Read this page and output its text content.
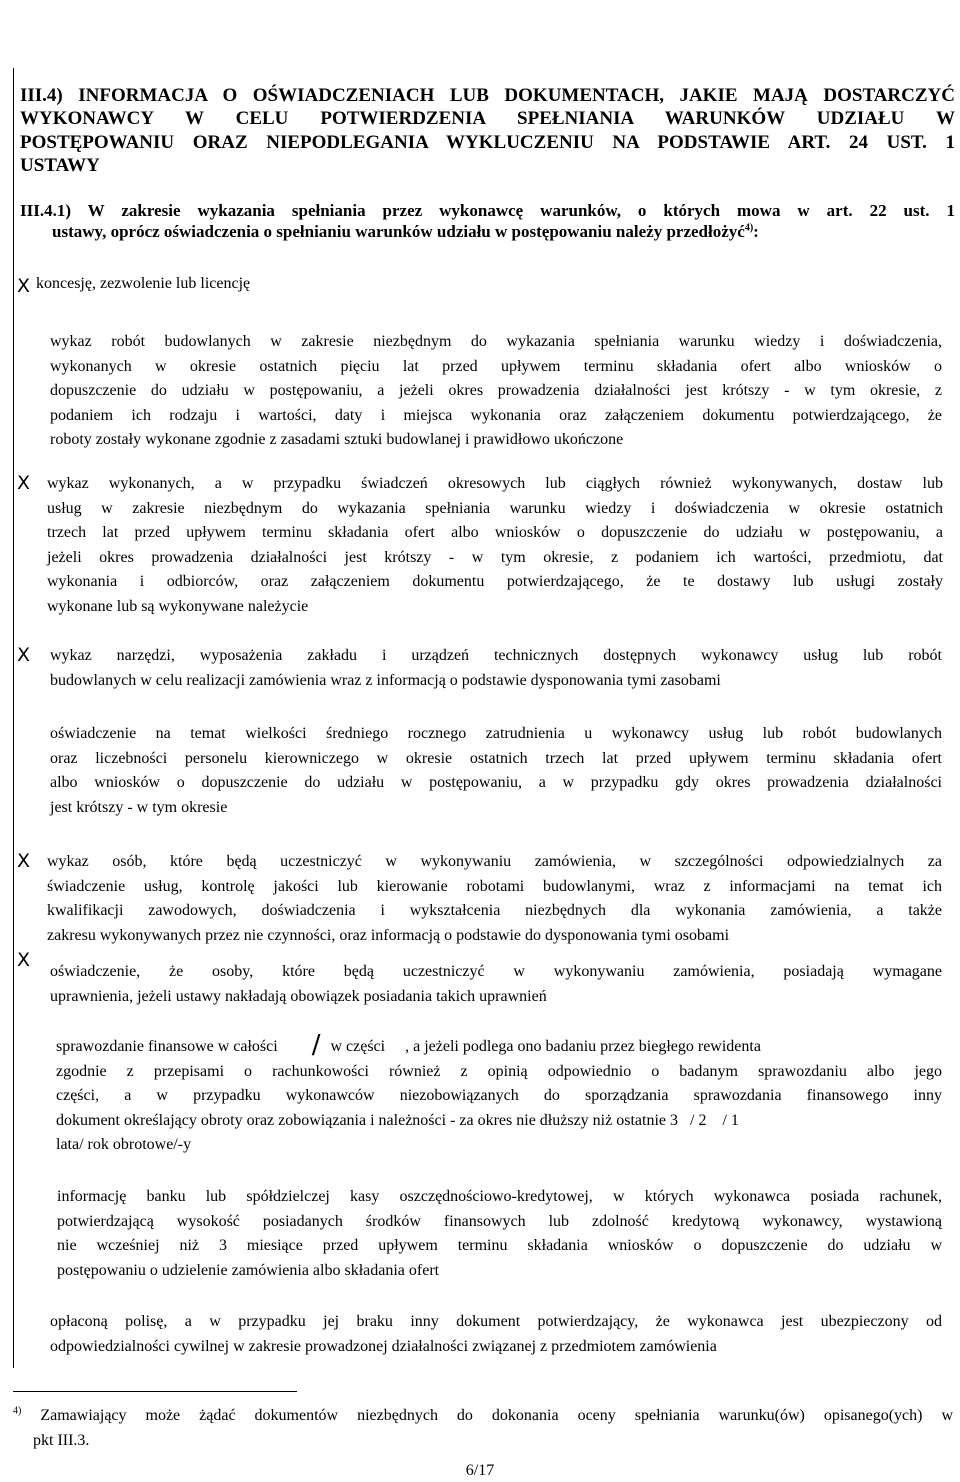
III.4) INFORMACJA O OŚWIADCZENIACH LUB DOKUMENTACH, JAKIE MAJĄ DOSTARCZYĆ
WYKONAWCY W CELU POTWIERDZENIA SPEŁNIANIA WARUNKÓW UDZIAŁU W
POSTĘPOWANIU ORAZ NIEPODLEGANIA WYKLUCZENIU NA PODSTAWIE ART. 24 UST. 1
USTAWY
III.4.1) W zakresie wykazania spełniania przez wykonawcę warunków, o których mowa w art. 22 ust. 1
ustawy, oprócz oświadczenia o spełnianiu warunków udziału w postępowaniu należy przedłożyć$^{4)}$:
X
X
X
X
X
koncesję, zezwolenie lub licencję
wykaz robót budowlanych w zakresie niezbędnym do wykazania spełniania warunku wiedzy i doświadczenia,
wykonanych w okresie ostatnich pięciu lat przed upływem terminu składania ofert albo wniosków o
dopuszczenie do udziału w postępowaniu, a jeżeli okres prowadzenia działalności jest krótszy - w tym okresie, z
podaniem ich rodzaju i wartości, daty i miejsca wykonania oraz załączeniem dokumentu potwierdzającego, że
roboty zostały wykonane zgodnie z zasadami sztuki budowlanej i prawidłowo ukończone
wykaz wykonanych, a w przypadku świadczeń okresowych lub ciągłych również wykonywanych, dostaw lub
usług w zakresie niezbędnym do wykazania spełniania warunku wiedzy i doświadczenia w okresie ostatnich
trzech lat przed upływem terminu składania ofert albo wniosków o dopuszczenie do udziału w postępowaniu, a
jeżeli okres prowadzenia działalności jest krótszy - w tym okresie, z podaniem ich wartości, przedmiotu, dat
wykonania i odbiorców, oraz załączeniem dokumentu potwierdzającego, że te dostawy lub usługi zostały
wykonane lub są wykonywane należycie
wykaz narzędzi, wyposażenia zakładu i urządzeń technicznych dostępnych wykonawcy usług lub robót
budowlanych w celu realizacji zamówienia wraz z informacją o podstawie dysponowania tymi zasobami
oświadczenie na temat wielkości średniego rocznego zatrudnienia u wykonawcy usług lub robót budowlanych
oraz liczebności personelu kierowniczego w okresie ostatnich trzech lat przed upływem terminu składania ofert
albo wniosków o dopuszczenie do udziału w postępowaniu, a w przypadku gdy okres prowadzenia działalności
jest krótszy - w tym okresie
wykaz osób, które będą uczestniczyć w wykonywaniu zamówienia, w szczególności odpowiedzialnych za
świadczenie usług, kontrolę jakości lub kierowanie robotami budowlanymi, wraz z informacjami na temat ich
kwalifikacji zawodowych, doświadczenia i wykształcenia niezbędnych dla wykonania zamówienia, a także
zakresu wykonywanych przez nie czynności, oraz informacją o podstawie do dysponowania tymi osobami
oświadczenie, że osoby, które będą uczestniczyć w wykonywaniu zamówienia, posiadają wymagane
uprawnienia, jeżeli ustawy nakładają obowiązek posiadania takich uprawnień
sprawozdanie finansowe w całości / w części , a jeżeli podlega ono badaniu przez biegłego rewidenta
zgodnie z przepisami o rachunkowości również z opinią odpowiednio o badanym sprawozdaniu albo jego
części, a w przypadku wykonawców niezobowiązanych do sporządzania sprawozdania finansowego inny
dokument określający obroty oraz zobowiązania i należności - za okres nie dłuższy niż ostatnie 3   / 2    / 1
lata/ rok obrotowe/-y
informację banku lub spółdzielczej kasy oszczędnościowo-kredytowej, w których wykonawca posiada rachunek,
potwierdzającą wysokość posiadanych środków finansowych lub zdolność kredytową wykonawcy, wystawioną
nie wcześniej niż 3 miesiące przed upływem terminu składania wniosków o dopuszczenie do udziału w
postępowaniu o udzielenie zamówienia albo składania ofert
opłaconą polisę, a w przypadku jej braku inny dokument potwierdzający, że wykonawca jest ubezpieczony od
odpowiedzialności cywilnej w zakresie prowadzonej działalności związanej z przedmiotem zamówienia
$^{4)}$ Zamawiający może żądać dokumentów niezbędnych do dokonania oceny spełniania warunku(ów) opisanego(ych) w
pkt III.3.
6/17
